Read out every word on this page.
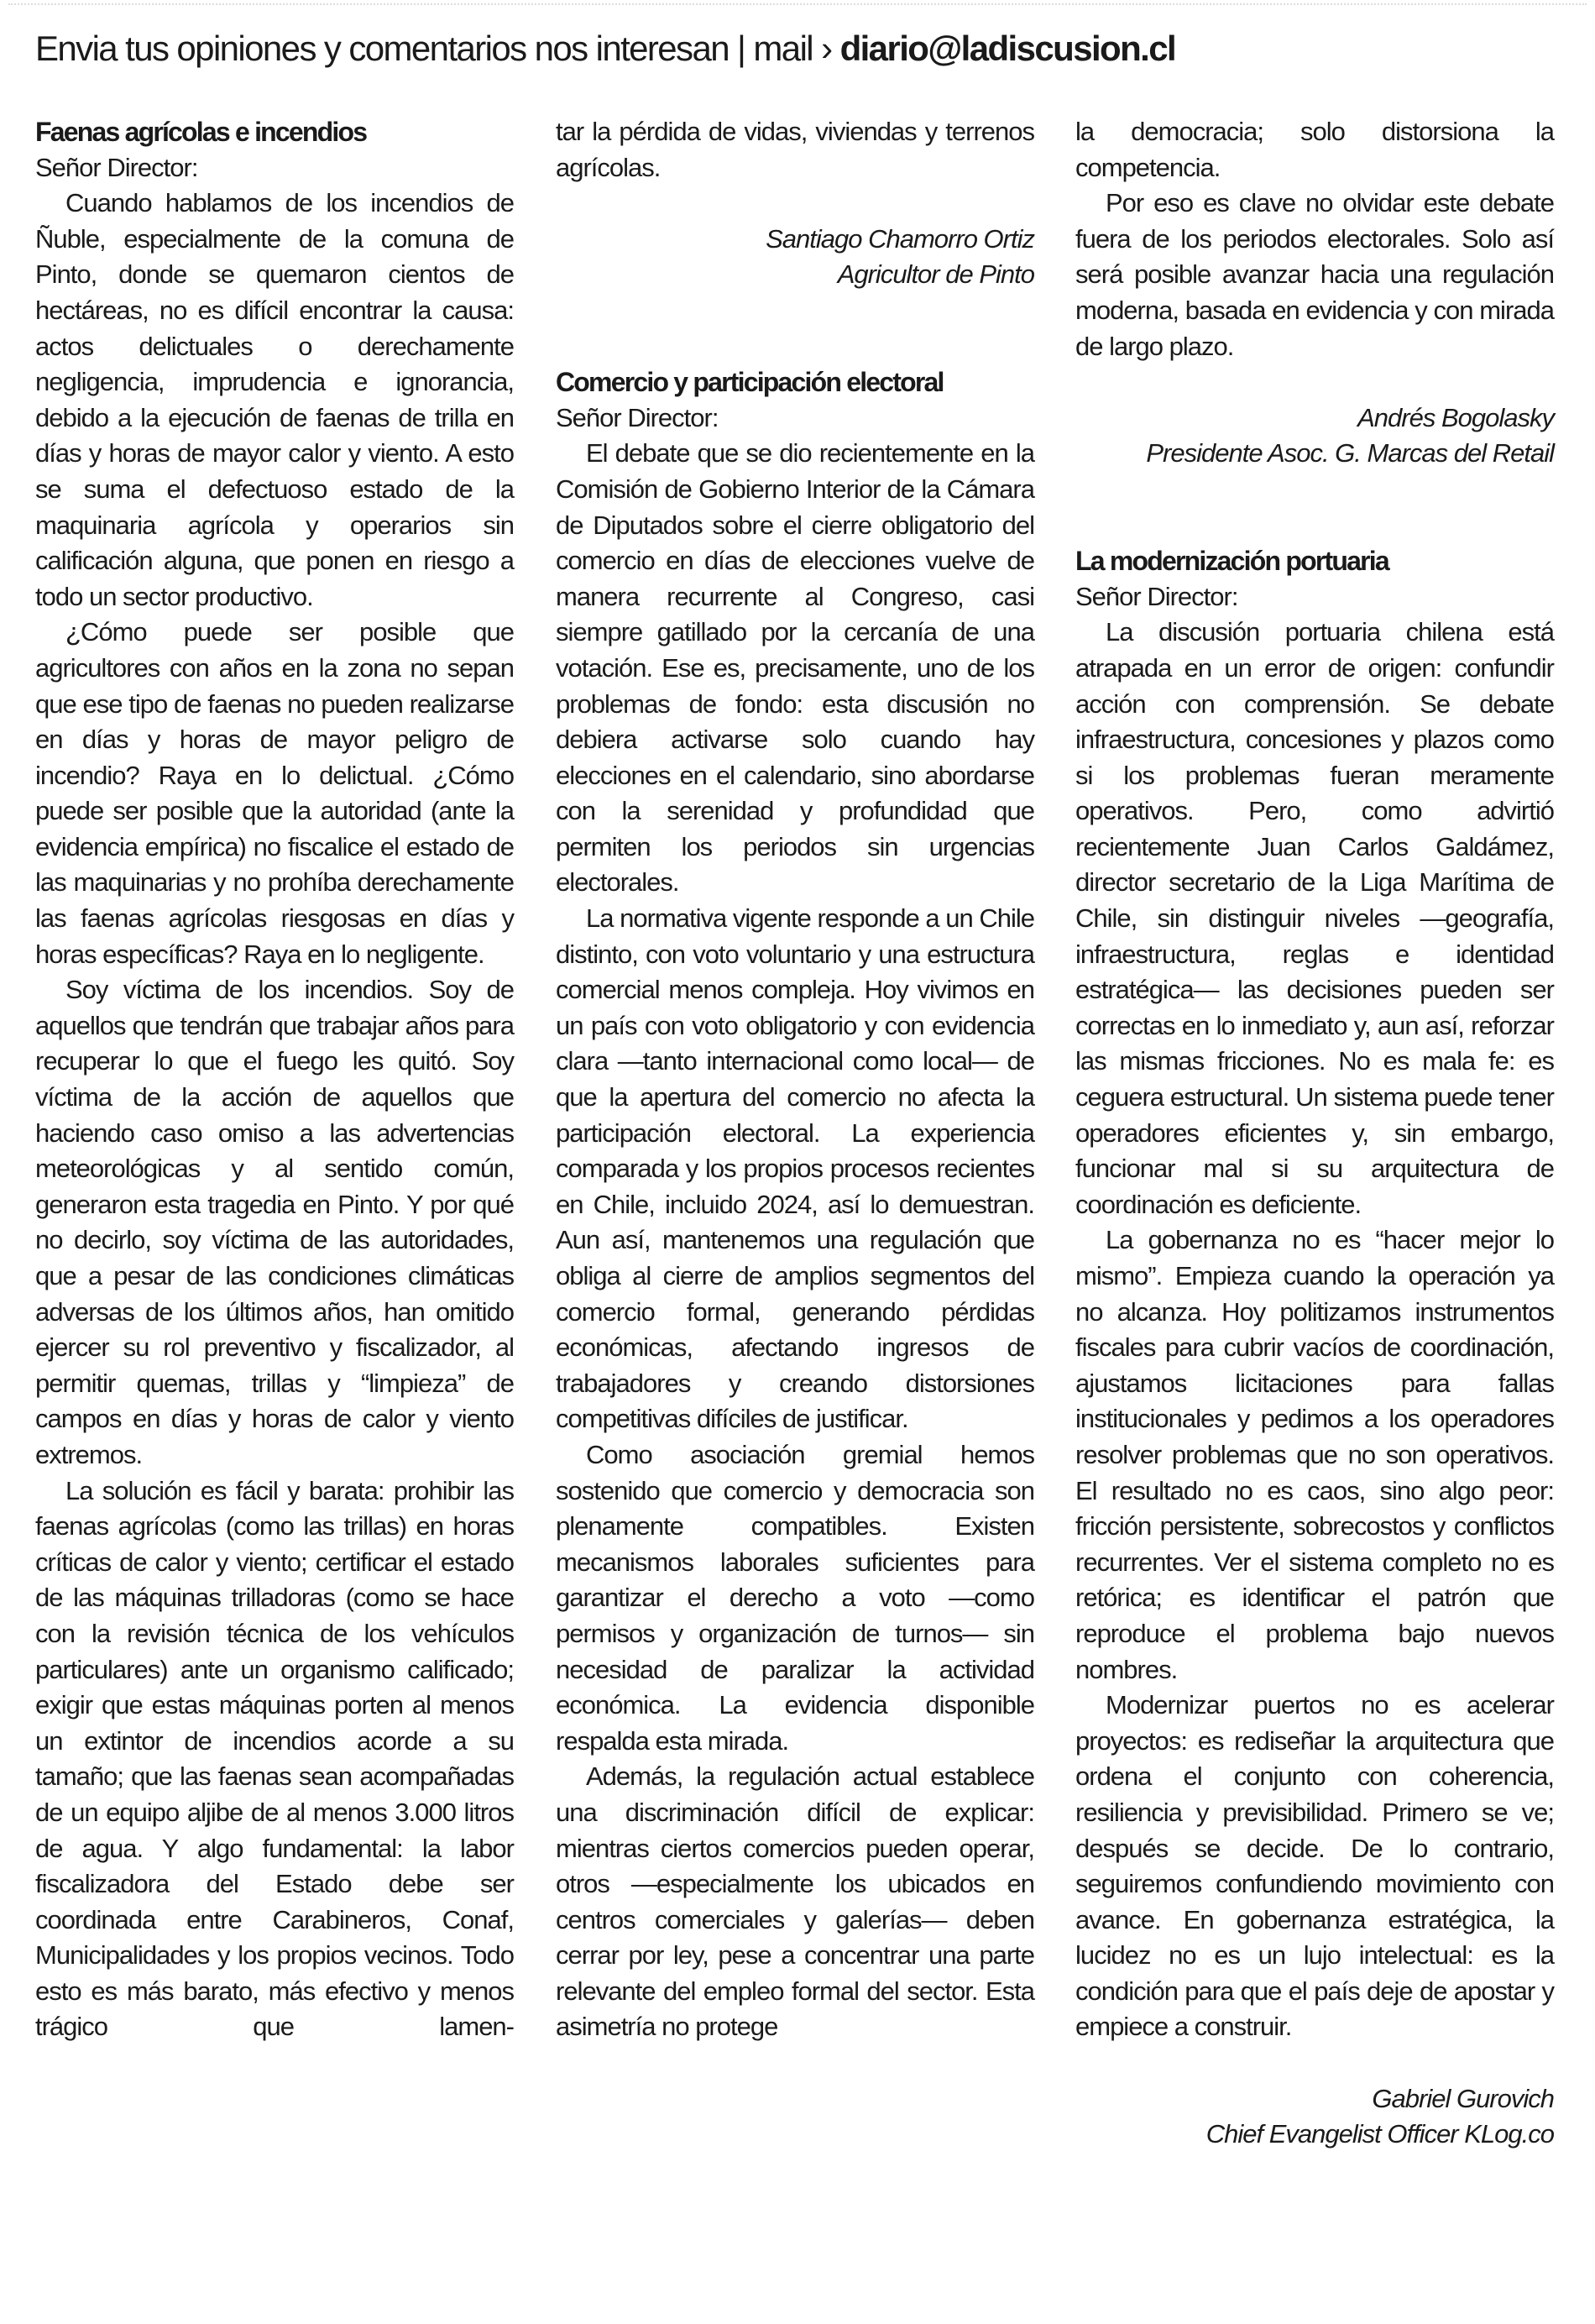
Envia tus opiniones y comentarios nos interesan | mail › diario@ladiscusion.cl
Faenas agrícolas e incendios
Señor Director:

Cuando hablamos de los incendios de Ñuble, especialmente de la comuna de Pinto, donde se quemaron cientos de hectáreas, no es difícil encontrar la causa: actos delictuales o derechamente negligencia, imprudencia e ignorancia, debido a la ejecución de faenas de trilla en días y horas de mayor calor y viento. A esto se suma el defectuoso estado de la maquinaria agrícola y operarios sin calificación alguna, que ponen en riesgo a todo un sector productivo.

¿Cómo puede ser posible que agricultores con años en la zona no sepan que ese tipo de faenas no pueden realizarse en días y horas de mayor peligro de incendio? Raya en lo delictual. ¿Cómo puede ser posible que la autoridad (ante la evidencia empírica) no fiscalice el estado de las maquinarias y no prohíba derechamente las faenas agrícolas riesgosas en días y horas específicas? Raya en lo negligente.

Soy víctima de los incendios. Soy de aquellos que tendrán que trabajar años para recuperar lo que el fuego les quitó. Soy víctima de la acción de aquellos que haciendo caso omiso a las advertencias meteorológicas y al sentido común, generaron esta tragedia en Pinto. Y por qué no decirlo, soy víctima de las autoridades, que a pesar de las condiciones climáticas adversas de los últimos años, han omitido ejercer su rol preventivo y fiscalizador, al permitir quemas, trillas y “limpieza” de campos en días y horas de calor y viento extremos.

La solución es fácil y barata: prohibir las faenas agrícolas (como las trillas) en horas críticas de calor y viento; certificar el estado de las máquinas trilladoras (como se hace con la revisión técnica de los vehículos particulares) ante un organismo calificado; exigir que estas máquinas porten al menos un extintor de incendios acorde a su tamaño; que las faenas sean acompañadas de un equipo aljibe de al menos 3.000 litros de agua. Y algo fundamental: la labor fiscalizadora del Estado debe ser coordinada entre Carabineros, Conaf, Municipalidades y los propios vecinos. Todo esto es más barato, más efectivo y menos trágico que lamen-

tar la pérdida de vidas, viviendas y terrenos agrícolas.

Santiago Chamorro Ortiz
Agricultor de Pinto
Comercio y participación electoral
Señor Director:

El debate que se dio recientemente en la Comisión de Gobierno Interior de la Cámara de Diputados sobre el cierre obligatorio del comercio en días de elecciones vuelve de manera recurrente al Congreso, casi siempre gatillado por la cercanía de una votación. Ese es, precisamente, uno de los problemas de fondo: esta discusión no debiera activarse solo cuando hay elecciones en el calendario, sino abordarse con la serenidad y profundidad que permiten los periodos sin urgencias electorales.

La normativa vigente responde a un Chile distinto, con voto voluntario y una estructura comercial menos compleja. Hoy vivimos en un país con voto obligatorio y con evidencia clara —tanto internacional como local— de que la apertura del comercio no afecta la participación electoral. La experiencia comparada y los propios procesos recientes en Chile, incluido 2024, así lo demuestran. Aun así, mantenemos una regulación que obliga al cierre de amplios segmentos del comercio formal, generando pérdidas económicas, afectando ingresos de trabajadores y creando distorsiones competitivas difíciles de justificar.

Como asociación gremial hemos sostenido que comercio y democracia son plenamente compatibles. Existen mecanismos laborales suficientes para garantizar el derecho a voto —como permisos y organización de turnos— sin necesidad de paralizar la actividad económica. La evidencia disponible respalda esta mirada.

Además, la regulación actual establece una discriminación difícil de explicar: mientras ciertos comercios pueden operar, otros —especialmente los ubicados en centros comerciales y galerías— deben cerrar por ley, pese a concentrar una parte relevante del empleo formal del sector. Esta asimetría no protege

la democracia; solo distorsiona la competencia.

Por eso es clave no olvidar este debate fuera de los periodos electorales. Solo así será posible avanzar hacia una regulación moderna, basada en evidencia y con mirada de largo plazo.

Andrés Bogolasky
Presidente Asoc. G. Marcas del Retail
La modernización portuaria
Señor Director:

La discusión portuaria chilena está atrapada en un error de origen: confundir acción con comprensión. Se debate infraestructura, concesiones y plazos como si los problemas fueran meramente operativos. Pero, como advirtió recientemente Juan Carlos Galdámez, director secretario de la Liga Marítima de Chile, sin distinguir niveles —geografía, infraestructura, reglas e identidad estratégica— las decisiones pueden ser correctas en lo inmediato y, aun así, reforzar las mismas fricciones. No es mala fe: es ceguera estructural. Un sistema puede tener operadores eficientes y, sin embargo, funcionar mal si su arquitectura de coordinación es deficiente.

La gobernanza no es “hacer mejor lo mismo”. Empieza cuando la operación ya no alcanza. Hoy politizamos instrumentos fiscales para cubrir vacíos de coordinación, ajustamos licitaciones para fallas institucionales y pedimos a los operadores resolver problemas que no son operativos. El resultado no es caos, sino algo peor: fricción persistente, sobrecostos y conflictos recurrentes. Ver el sistema completo no es retórica; es identificar el patrón que reproduce el problema bajo nuevos nombres.

Modernizar puertos no es acelerar proyectos: es rediseñar la arquitectura que ordena el conjunto con coherencia, resiliencia y previsibilidad. Primero se ve; después se decide. De lo contrario, seguiremos confundiendo movimiento con avance. En gobernanza estratégica, la lucidez no es un lujo intelectual: es la condición para que el país deje de apostar y empiece a construir.

Gabriel Gurovich
Chief Evangelist Officer KLog.co
